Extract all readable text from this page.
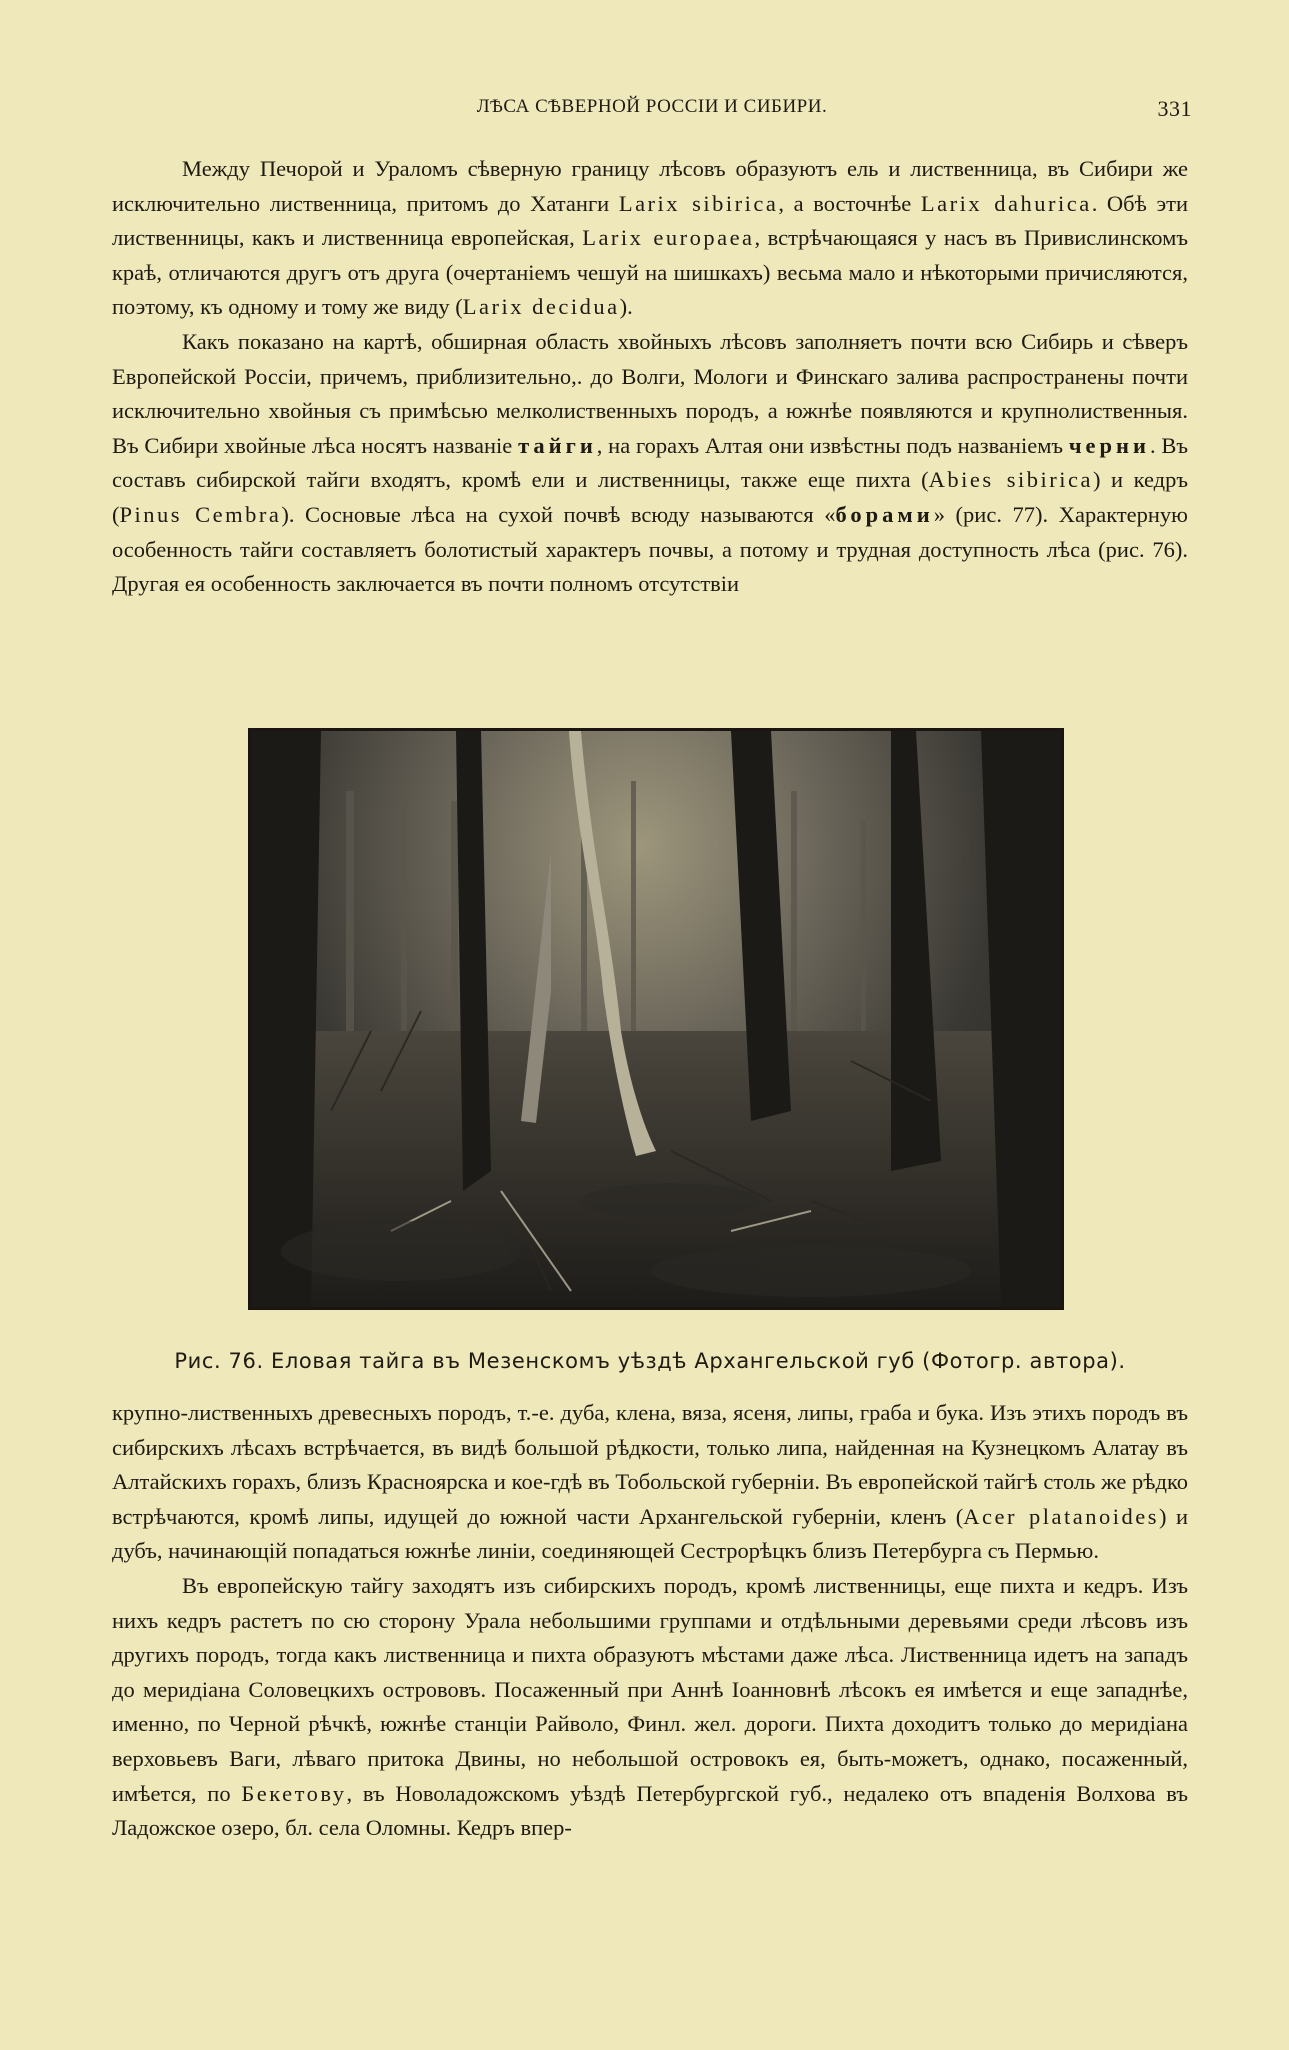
ЛѢСА СѢВЕРНОЙ РОССІИ И СИБИРИ.	331

Между Печорой и Ураломъ сѣверную границу лѣсовъ образуютъ ель и лиственница, въ Сибири же исключительно лиственница, притомъ до Хатанги Larix sibirica, а восточнѣе Larix dahurica. Обѣ эти лиственницы, какъ и лиственница европейская, Larix europaea, встрѣчающаяся у насъ въ Привислинскомъ краѣ, отличаются другъ отъ друга (очертаніемъ чешуй на шишкахъ) весьма мало и нѣкоторыми причисляются, поэтому, къ одному и тому же виду (Larix decidua).

Какъ показано на картѣ, обширная область хвойныхъ лѣсовъ заполняетъ почти всю Сибирь и сѣверъ Европейской Россіи, причемъ, приблизительно,. до Волги, Мологи и Финскаго залива распространены почти исключительно хвойныя съ примѣсью мелколиственныхъ породъ, а южнѣе появляются и крупнолиственныя. Въ Сибири хвойные лѣса носятъ названіе тайги, на горахъ Алтая они извѣстны подъ названіемъ черни. Въ составъ сибирской тайги входятъ, кромѣ ели и лиственницы, также еще пихта (Abies sibirica) и кедръ (Pinus Cembra). Сосновые лѣса на сухой почвѣ всюду называются «борами» (рис. 77). Характерную особенность тайги составляетъ болотистый характеръ почвы, а потому и трудная доступность лѣса (рис. 76). Другая ея особенность заключается въ почти полномъ отсутствіи

Рис. 76. Еловая тайга въ Мезенскомъ уѣздѣ Архангельской губ (Фотогр. автора).

крупно-лиственныхъ древесныхъ породъ, т.-е. дуба, клена, вяза, ясеня, липы, граба и бука. Изъ этихъ породъ въ сибирскихъ лѣсахъ встрѣчается, въ видѣ большой рѣдкости, только липа, найденная на Кузнецкомъ Алатау въ Алтайскихъ горахъ, близъ Красноярска и кое-гдѣ въ Тобольской губерніи. Въ европейской тайгѣ столь же рѣдко встрѣчаются, кромѣ липы, идущей до южной части Архангельской губерніи, кленъ (Acer platanoides) и дубъ, начинающій попадаться южнѣе линіи, соединяющей Сестрорѣцкъ близъ Петербурга съ Пермью.

Въ европейскую тайгу заходятъ изъ сибирскихъ породъ, кромѣ лиственницы, еще пихта и кедръ. Изъ нихъ кедръ растетъ по сю сторону Урала небольшими группами и отдѣльными деревьями среди лѣсовъ изъ другихъ породъ, тогда какъ лиственница и пихта образуютъ мѣстами даже лѣса. Лиственница идетъ на западъ до меридіана Соловецкихъ острововъ. Посаженный при Аннѣ Іоанновнѣ лѣсокъ ея имѣется и еще западнѣе, именно, по Черной рѣчкѣ, южнѣе станціи Райволо, Финл. жел. дороги. Пихта доходитъ только до меридіана верховьевъ Ваги, лѣваго притока Двины, но небольшой островокъ ея, быть-можетъ, однако, посаженный, имѣется, по Бекетову, въ Новоладожскомъ уѣздѣ Петербургской губ., недалеко отъ впаденія Волхова въ Ладожское озеро, бл. села Оломны. Кедръ впер-
